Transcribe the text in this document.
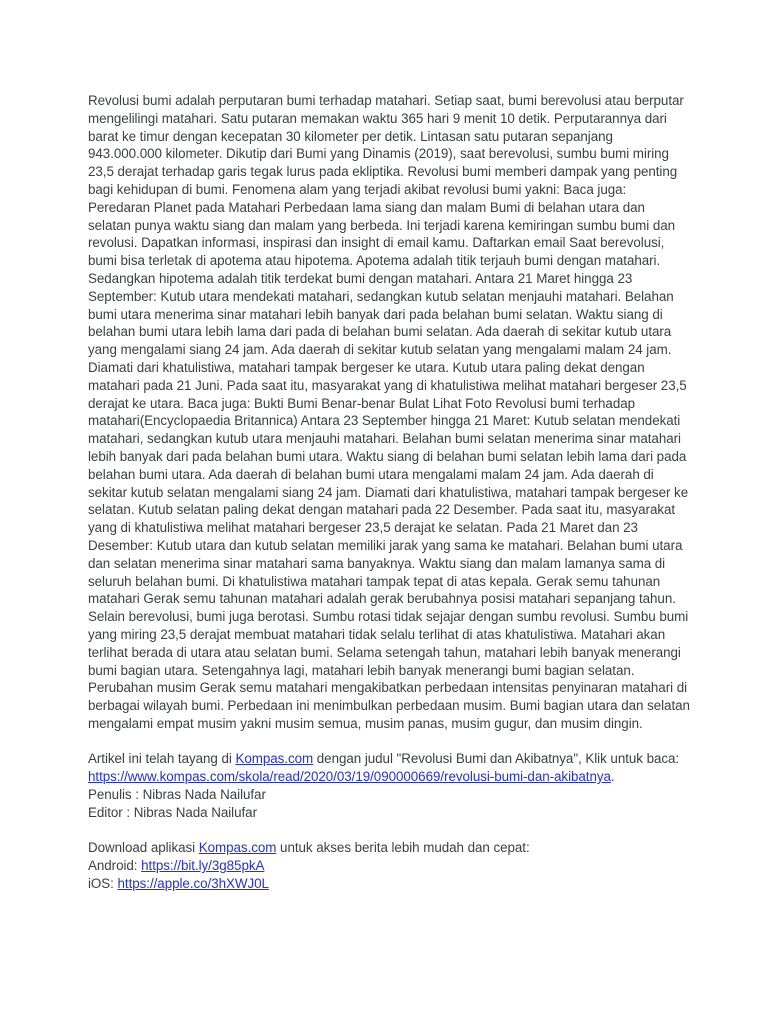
Revolusi bumi adalah perputaran bumi terhadap matahari. Setiap saat, bumi berevolusi atau berputar mengelilingi matahari. Satu putaran memakan waktu 365 hari 9 menit 10 detik. Perputarannya dari barat ke timur dengan kecepatan 30 kilometer per detik. Lintasan satu putaran sepanjang 943.000.000 kilometer. Dikutip dari Bumi yang Dinamis (2019), saat berevolusi, sumbu bumi miring 23,5 derajat terhadap garis tegak lurus pada ekliptika. Revolusi bumi memberi dampak yang penting bagi kehidupan di bumi. Fenomena alam yang terjadi akibat revolusi bumi yakni: Baca juga: Peredaran Planet pada Matahari Perbedaan lama siang dan malam Bumi di belahan utara dan selatan punya waktu siang dan malam yang berbeda. Ini terjadi karena kemiringan sumbu bumi dan revolusi. Dapatkan informasi, inspirasi dan insight di email kamu. Daftarkan email Saat berevolusi, bumi bisa terletak di apotema atau hipotema. Apotema adalah titik terjauh bumi dengan matahari. Sedangkan hipotema adalah titik terdekat bumi dengan matahari. Antara 21 Maret hingga 23 September: Kutub utara mendekati matahari, sedangkan kutub selatan menjauhi matahari. Belahan bumi utara menerima sinar matahari lebih banyak dari pada belahan bumi selatan. Waktu siang di belahan bumi utara lebih lama dari pada di belahan bumi selatan. Ada daerah di sekitar kutub utara yang mengalami siang 24 jam. Ada daerah di sekitar kutub selatan yang mengalami malam 24 jam. Diamati dari khatulistiwa, matahari tampak bergeser ke utara. Kutub utara paling dekat dengan matahari pada 21 Juni. Pada saat itu, masyarakat yang di khatulistiwa melihat matahari bergeser 23,5 derajat ke utara. Baca juga: Bukti Bumi Benar-benar Bulat Lihat Foto Revolusi bumi terhadap matahari(Encyclopaedia Britannica) Antara 23 September hingga 21 Maret: Kutub selatan mendekati matahari, sedangkan kutub utara menjauhi matahari. Belahan bumi selatan menerima sinar matahari lebih banyak dari pada belahan bumi utara. Waktu siang di belahan bumi selatan lebih lama dari pada belahan bumi utara. Ada daerah di belahan bumi utara mengalami malam 24 jam. Ada daerah di sekitar kutub selatan mengalami siang 24 jam. Diamati dari khatulistiwa, matahari tampak bergeser ke selatan. Kutub selatan paling dekat dengan matahari pada 22 Desember. Pada saat itu, masyarakat yang di khatulistiwa melihat matahari bergeser 23,5 derajat ke selatan. Pada 21 Maret dan 23 Desember: Kutub utara dan kutub selatan memiliki jarak yang sama ke matahari. Belahan bumi utara dan selatan menerima sinar matahari sama banyaknya. Waktu siang dan malam lamanya sama di seluruh belahan bumi. Di khatulistiwa matahari tampak tepat di atas kepala. Gerak semu tahunan matahari Gerak semu tahunan matahari adalah gerak berubahnya posisi matahari sepanjang tahun. Selain berevolusi, bumi juga berotasi. Sumbu rotasi tidak sejajar dengan sumbu revolusi. Sumbu bumi yang miring 23,5 derajat membuat matahari tidak selalu terlihat di atas khatulistiwa. Matahari akan terlihat berada di utara atau selatan bumi. Selama setengah tahun, matahari lebih banyak menerangi bumi bagian utara. Setengahnya lagi, matahari lebih banyak menerangi bumi bagian selatan. Perubahan musim Gerak semu matahari mengakibatkan perbedaan intensitas penyinaran matahari di berbagai wilayah bumi. Perbedaan ini menimbulkan perbedaan musim. Bumi bagian utara dan selatan mengalami empat musim yakni musim semua, musim panas, musim gugur, dan musim dingin.

Artikel ini telah tayang di Kompas.com dengan judul "Revolusi Bumi dan Akibatnya", Klik untuk baca: https://www.kompas.com/skola/read/2020/03/19/090000669/revolusi-bumi-dan-akibatnya.
Penulis : Nibras Nada Nailufar
Editor : Nibras Nada Nailufar

Download aplikasi Kompas.com untuk akses berita lebih mudah dan cepat:
Android: https://bit.ly/3g85pkA
iOS: https://apple.co/3hXWJ0L
